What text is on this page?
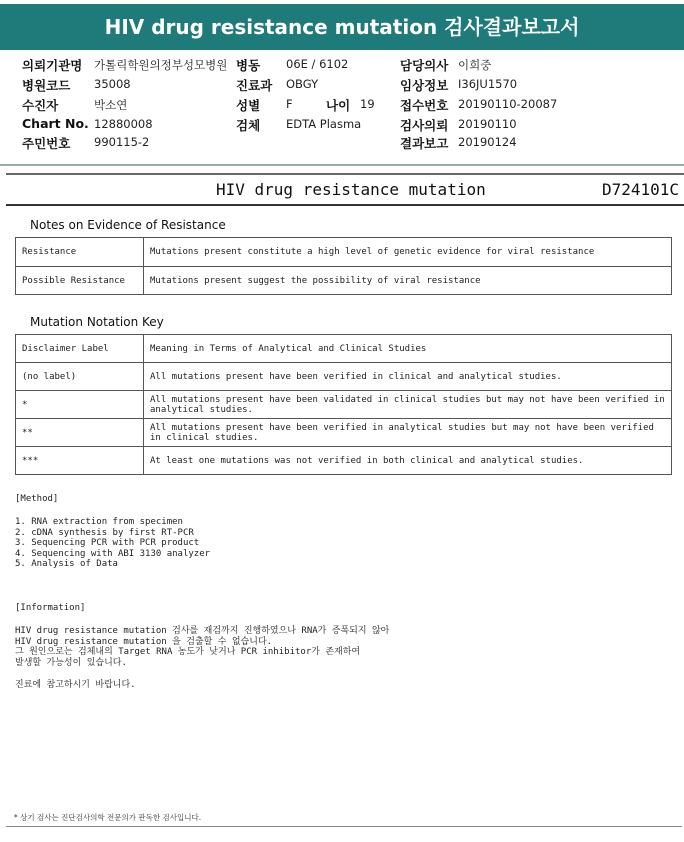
HIV drug resistance mutation 검사결과보고서
의뢰기관명 가톨릭학원의정부성모병원 병동 06E / 6102	담당의사 이희중
병원코드 35008	진료과 OBGY	임상정보 I36JU1570
수진자	박소연	성별 F	나이 19 접수번호 20190110-20087
Chart No. 12880008	검체 EDTA Plasma	검사의뢰 20190110
주민번호 990115-2	결과보고 20190124
HIV drug resistance mutation	D724101C
Notes on Evidence of Resistance
Resistance	Mutations present constitute a high level of genetic evidence for viral resistance
Possible Resistance	Mutations present suggest the possibility of viral resistance
Mutation Notation Key
Disclaimer Label	Meaning in Terms of Analytical and Clinical Studies
(no label)	All mutations present have been verified in clinical and analytical studies.
*	All mutations present have been validated in clinical studies but may not have been verified in analytical studies.
**	All mutations present have been verified in analytical studies but may not have been verified in clinical studies.
***	At least one mutations was not verified in both clinical and analytical studies.
[Method]
1. RNA extraction from specimen
2. cDNA synthesis by first RT-PCR
3. Sequencing PCR with PCR product
4. Sequencing with ABI 3130 analyzer
5. Analysis of Data
[Information]
HIV drug resistance mutation 검사를 재검까지 진행하였으나 RNA가 증폭되지 않아
HIV drug resistance mutation 을 검출할 수 없습니다.
그 원인으로는 검체내의 Target RNA 농도가 낮거나 PCR inhibitor가 존재하여
발생할 가능성이 있습니다.
진료에 참고하시기 바랍니다.
* 상기 검사는 진단검사의학 전문의가 판독한 검사입니다.
